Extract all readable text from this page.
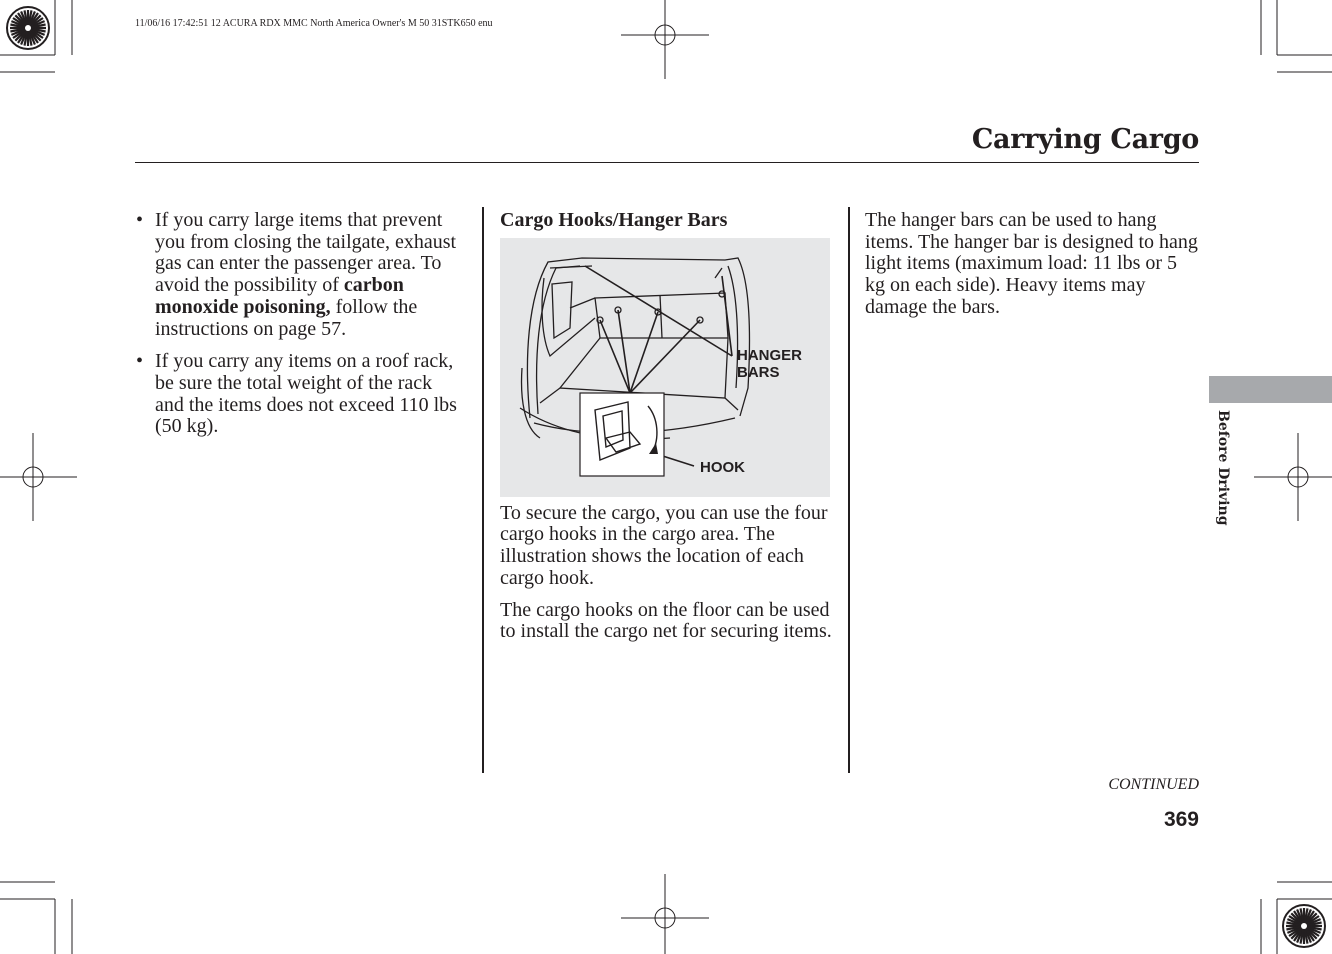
11/06/16 17:42:51 12 ACURA RDX MMC North America Owner's M 50 31STK650 enu
Carrying Cargo
• If you carry large items that prevent you from closing the tailgate, exhaust gas can enter the passenger area. To avoid the possibility of carbon monoxide poisoning, follow the instructions on page 57.
• If you carry any items on a roof rack, be sure the total weight of the rack and the items does not exceed 110 lbs (50 kg).

Cargo Hooks/Hanger Bars

HANGER BARS
HOOK

To secure the cargo, you can use the four cargo hooks in the cargo area. The illustration shows the location of each cargo hook.

The cargo hooks on the floor can be used to install the cargo net for securing items.

The hanger bars can be used to hang items. The hanger bar is designed to hang light items (maximum load: 11 lbs or 5 kg on each side). Heavy items may damage the bars.

Before Driving
CONTINUED
369
